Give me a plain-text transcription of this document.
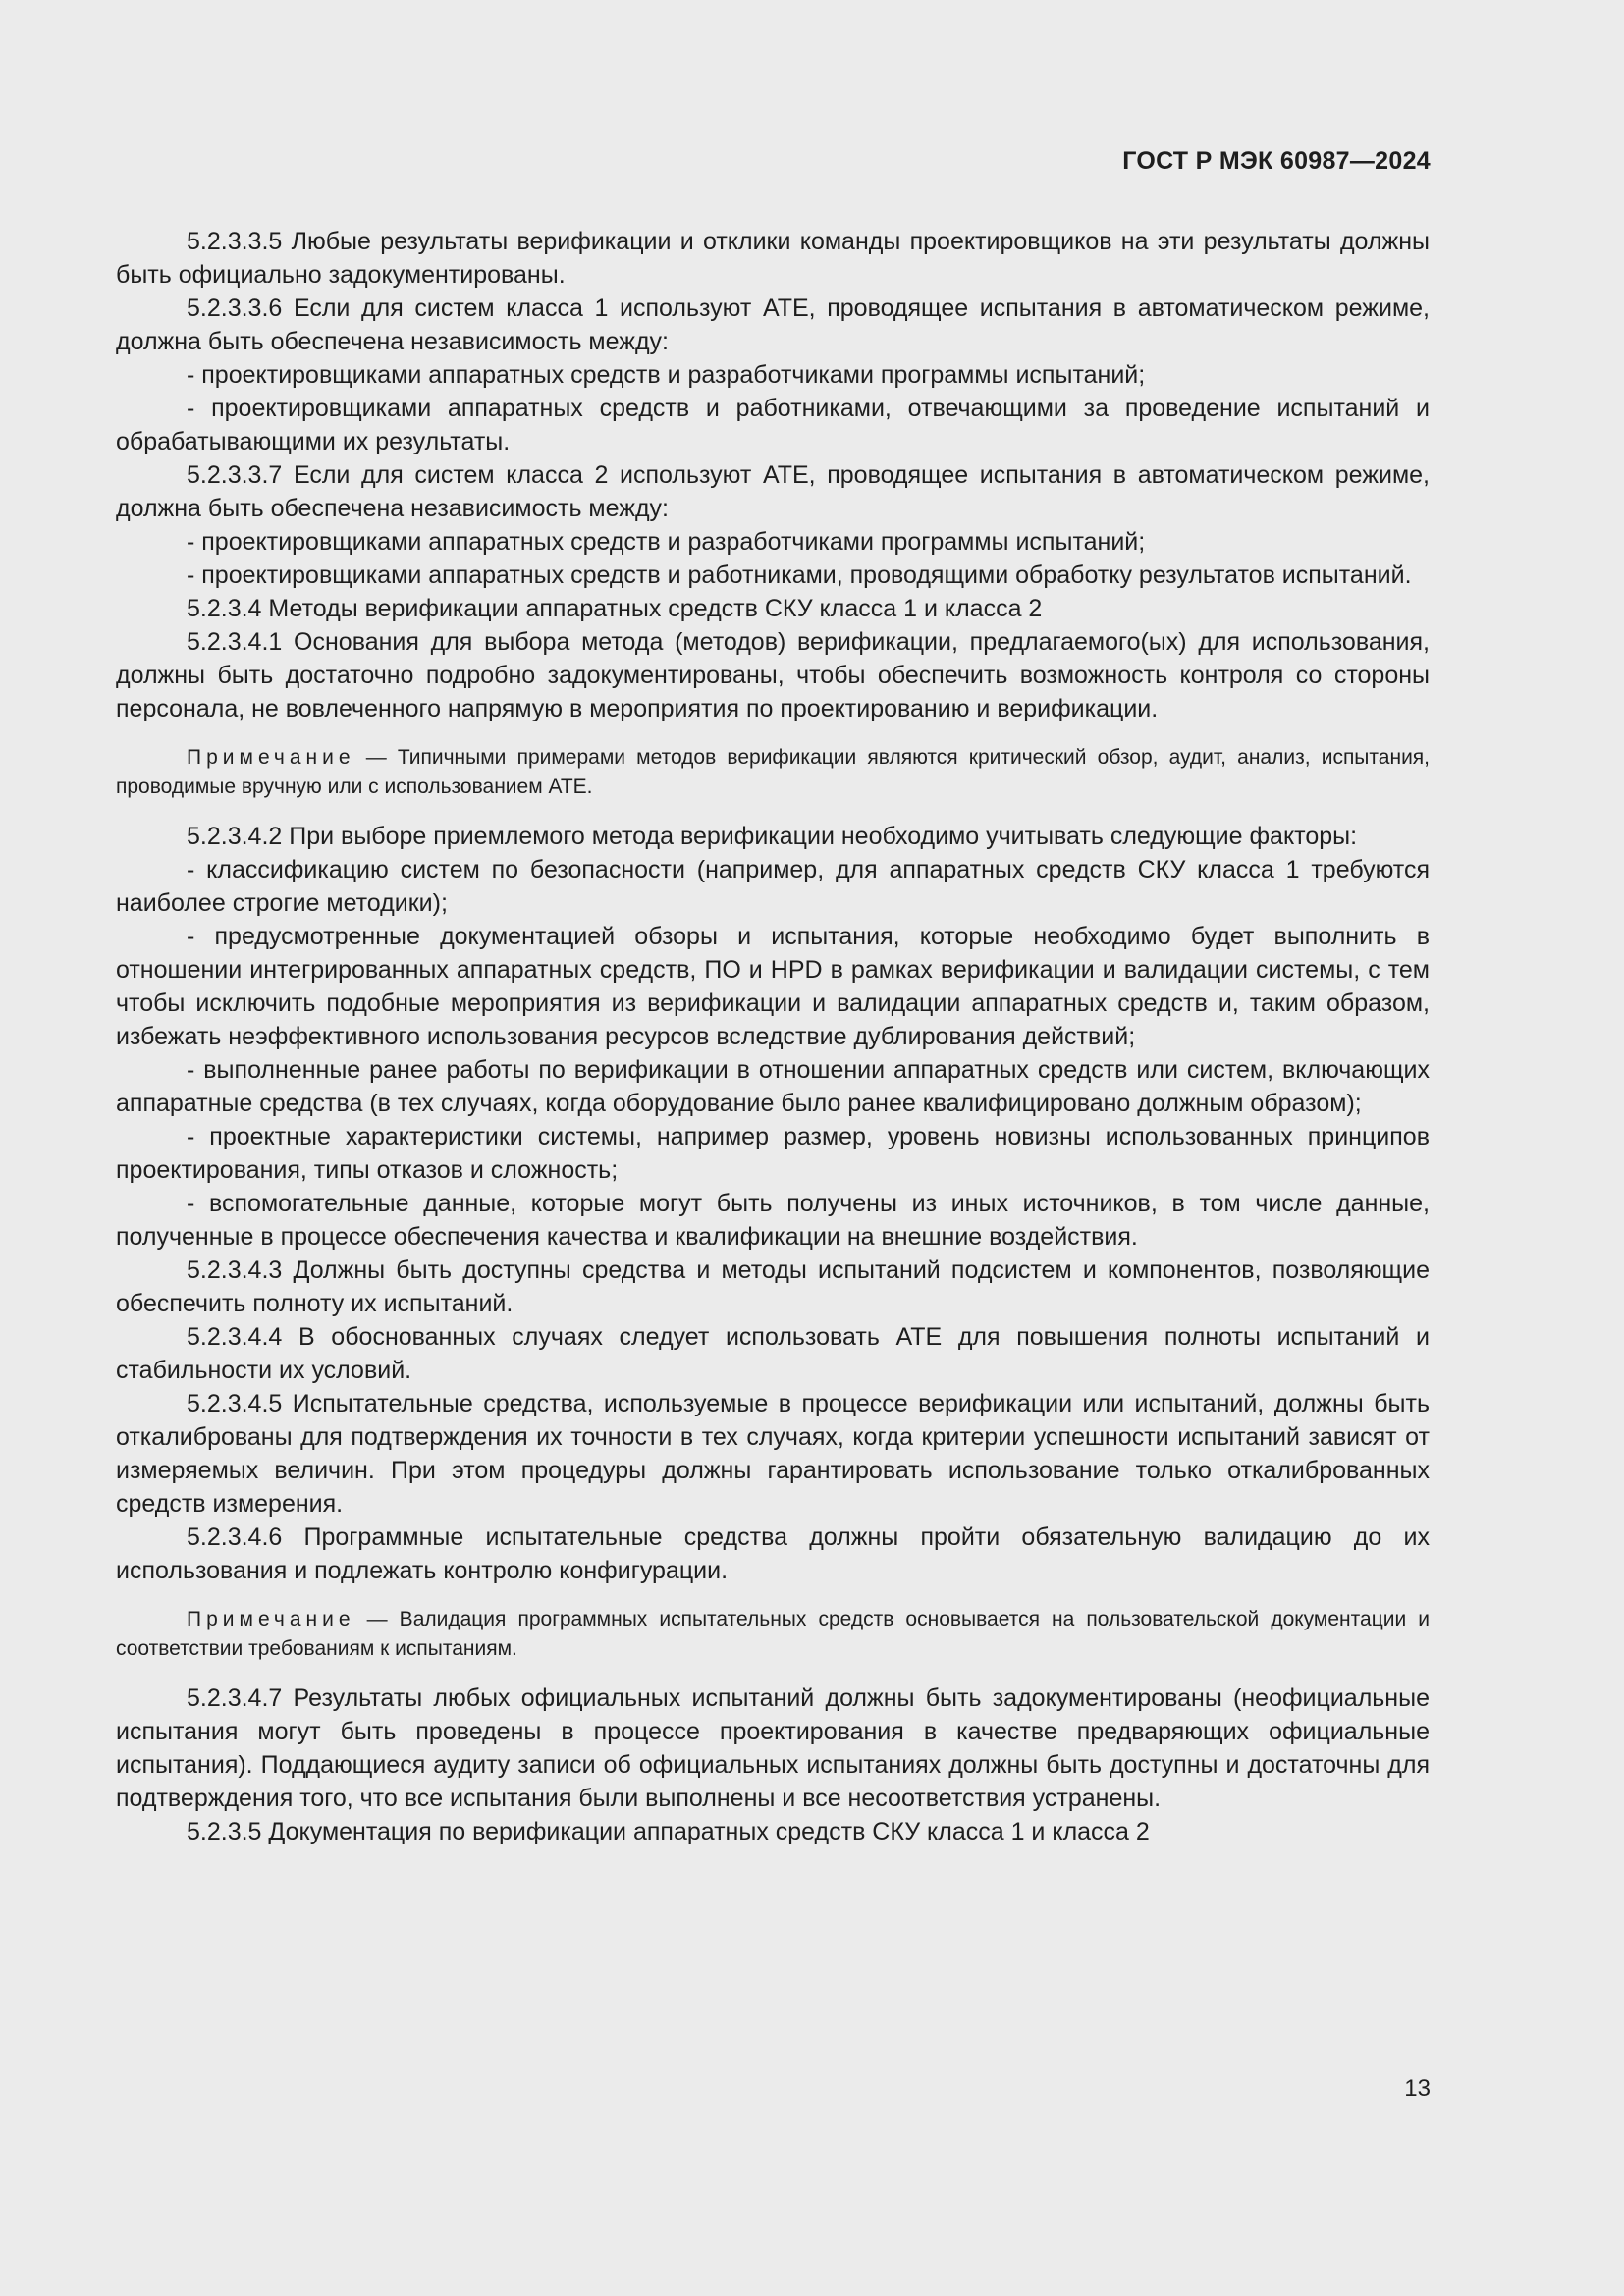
ГОСТ Р МЭК 60987—2024

5.2.3.3.5 Любые результаты верификации и отклики команды проектировщиков на эти результаты должны быть официально задокументированы.

5.2.3.3.6 Если для систем класса 1 используют АТЕ, проводящее испытания в автоматическом режиме, должна быть обеспечена независимость между:

- проектировщиками аппаратных средств и разработчиками программы испытаний;

- проектировщиками аппаратных средств и работниками, отвечающими за проведение испытаний и обрабатывающими их результаты.

5.2.3.3.7 Если для систем класса 2 используют АТЕ, проводящее испытания в автоматическом режиме, должна быть обеспечена независимость между:

- проектировщиками аппаратных средств и разработчиками программы испытаний;

- проектировщиками аппаратных средств и работниками, проводящими обработку результатов испытаний.

5.2.3.4 Методы верификации аппаратных средств СКУ класса 1 и класса 2

5.2.3.4.1 Основания для выбора метода (методов) верификации, предлагаемого(ых) для использования, должны быть достаточно подробно задокументированы, чтобы обеспечить возможность контроля со стороны персонала, не вовлеченного напрямую в мероприятия по проектированию и верификации.

Примечание — Типичными примерами методов верификации являются критический обзор, аудит, анализ, испытания, проводимые вручную или с использованием АТЕ.

5.2.3.4.2 При выборе приемлемого метода верификации необходимо учитывать следующие факторы:

- классификацию систем по безопасности (например, для аппаратных средств СКУ класса 1 требуются наиболее строгие методики);

- предусмотренные документацией обзоры и испытания, которые необходимо будет выполнить в отношении интегрированных аппаратных средств, ПО и HPD в рамках верификации и валидации системы, с тем чтобы исключить подобные мероприятия из верификации и валидации аппаратных средств и, таким образом, избежать неэффективного использования ресурсов вследствие дублирования действий;

- выполненные ранее работы по верификации в отношении аппаратных средств или систем, включающих аппаратные средства (в тех случаях, когда оборудование было ранее квалифицировано должным образом);

- проектные характеристики системы, например размер, уровень новизны использованных принципов проектирования, типы отказов и сложность;

- вспомогательные данные, которые могут быть получены из иных источников, в том числе данные, полученные в процессе обеспечения качества и квалификации на внешние воздействия.

5.2.3.4.3 Должны быть доступны средства и методы испытаний подсистем и компонентов, позволяющие обеспечить полноту их испытаний.

5.2.3.4.4 В обоснованных случаях следует использовать АТЕ для повышения полноты испытаний и стабильности их условий.

5.2.3.4.5 Испытательные средства, используемые в процессе верификации или испытаний, должны быть откалиброваны для подтверждения их точности в тех случаях, когда критерии успешности испытаний зависят от измеряемых величин. При этом процедуры должны гарантировать использование только откалиброванных средств измерения.

5.2.3.4.6 Программные испытательные средства должны пройти обязательную валидацию до их использования и подлежать контролю конфигурации.

Примечание — Валидация программных испытательных средств основывается на пользовательской документации и соответствии требованиям к испытаниям.

5.2.3.4.7 Результаты любых официальных испытаний должны быть задокументированы (неофициальные испытания могут быть проведены в процессе проектирования в качестве предваряющих официальные испытания). Поддающиеся аудиту записи об официальных испытаниях должны быть доступны и достаточны для подтверждения того, что все испытания были выполнены и все несоответствия устранены.

5.2.3.5 Документация по верификации аппаратных средств СКУ класса 1 и класса 2

13
